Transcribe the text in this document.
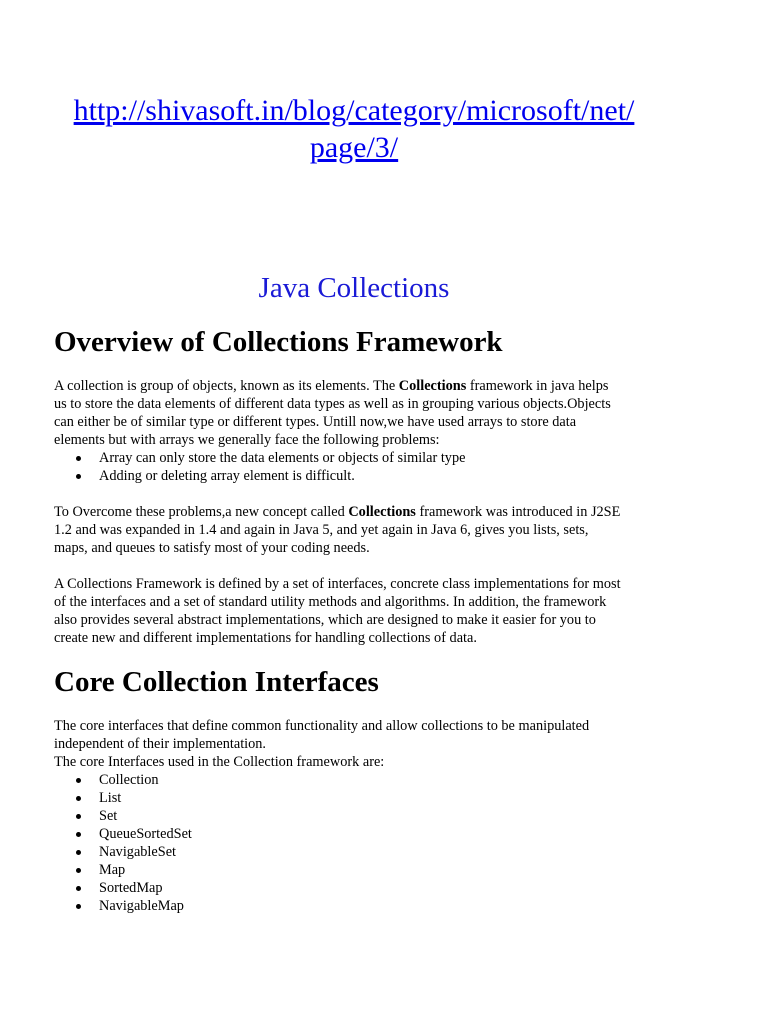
http://shivasoft.in/blog/category/microsoft/net/
page/3/
Java Collections
Overview of Collections Framework
A collection is group of objects, known as its elements. The Collections framework in java helps
us to store the data elements of different data types as well as in grouping various objects.Objects
can either be of similar type or different types. Untill now,we have used arrays to store data
elements but with arrays we generally face the following problems:
Array can only store the data elements or objects of similar type
Adding or deleting array element is difficult.
To Overcome these problems,a new concept called Collections framework was introduced in J2SE
1.2 and was expanded in 1.4 and again in Java 5, and yet again in Java 6, gives you lists, sets,
maps, and queues to satisfy most of your coding needs.
A Collections Framework is defined by a set of interfaces, concrete class implementations for most
of the interfaces and a set of standard utility methods and algorithms. In addition, the framework
also provides several abstract implementations, which are designed to make it easier for you to
create new and different implementations for handling collections of data.
Core Collection Interfaces
The core interfaces that define common functionality and allow collections to be manipulated
independent of their implementation.
The core Interfaces used in the Collection framework are:
Collection
List
Set
QueueSortedSet
NavigableSet
Map
SortedMap
NavigableMap
